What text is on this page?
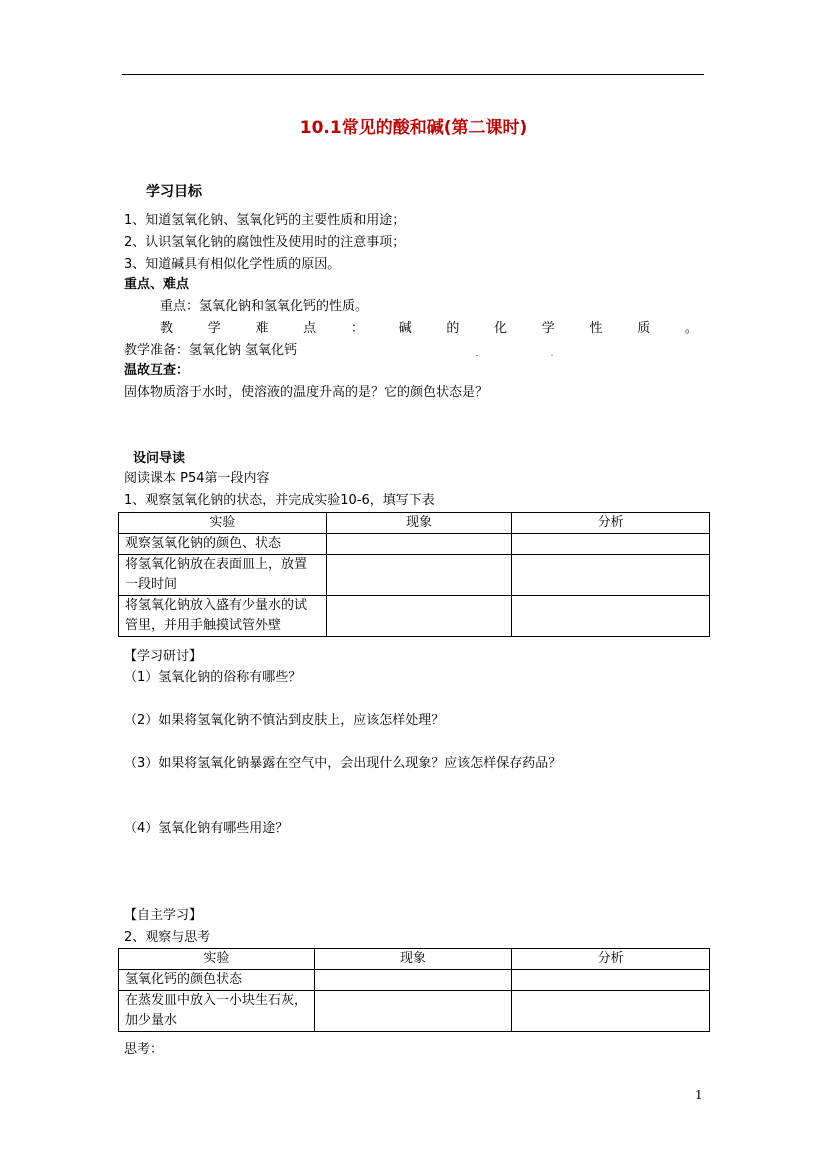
10.1常见的酸和碱(第二课时)
学习目标
1、知道氢氧化钠、氢氧化钙的主要性质和用途；
2、认识氢氧化钠的腐蚀性及使用时的注意事项；
3、知道碱具有相似化学性质的原因。
重点、难点
重点：氢氧化钠和氢氧化钙的性质。
教	学	难	点	：	碱	的	化	学	性	质	。
教学准备：氢氧化钠 氢氧化钙
温故互查：
固体物质溶于水时，使溶液的温度升高的是？它的颜色状态是？
设问导读
阅读课本 P54第一段内容
1、观察氢氧化钠的状态，并完成实验10-6，填写下表
实验	现象	分析
观察氢氧化钠的颜色、状态		
将氢氧化钠放在表面皿上，放置一段时间		
将氢氧化钠放入盛有少量水的试管里，并用手触摸试管外壁		
【学习研讨】
（1）氢氧化钠的俗称有哪些？
（2）如果将氢氧化钠不慎沾到皮肤上，应该怎样处理？
（3）如果将氢氧化钠暴露在空气中，会出现什么现象？应该怎样保存药品？
（4）氢氧化钠有哪些用途？
【自主学习】
2、观察与思考
实验	现象	分析
氢氧化钙的颜色状态		
在蒸发皿中放入一小块生石灰，加少量水		
思考：
1
